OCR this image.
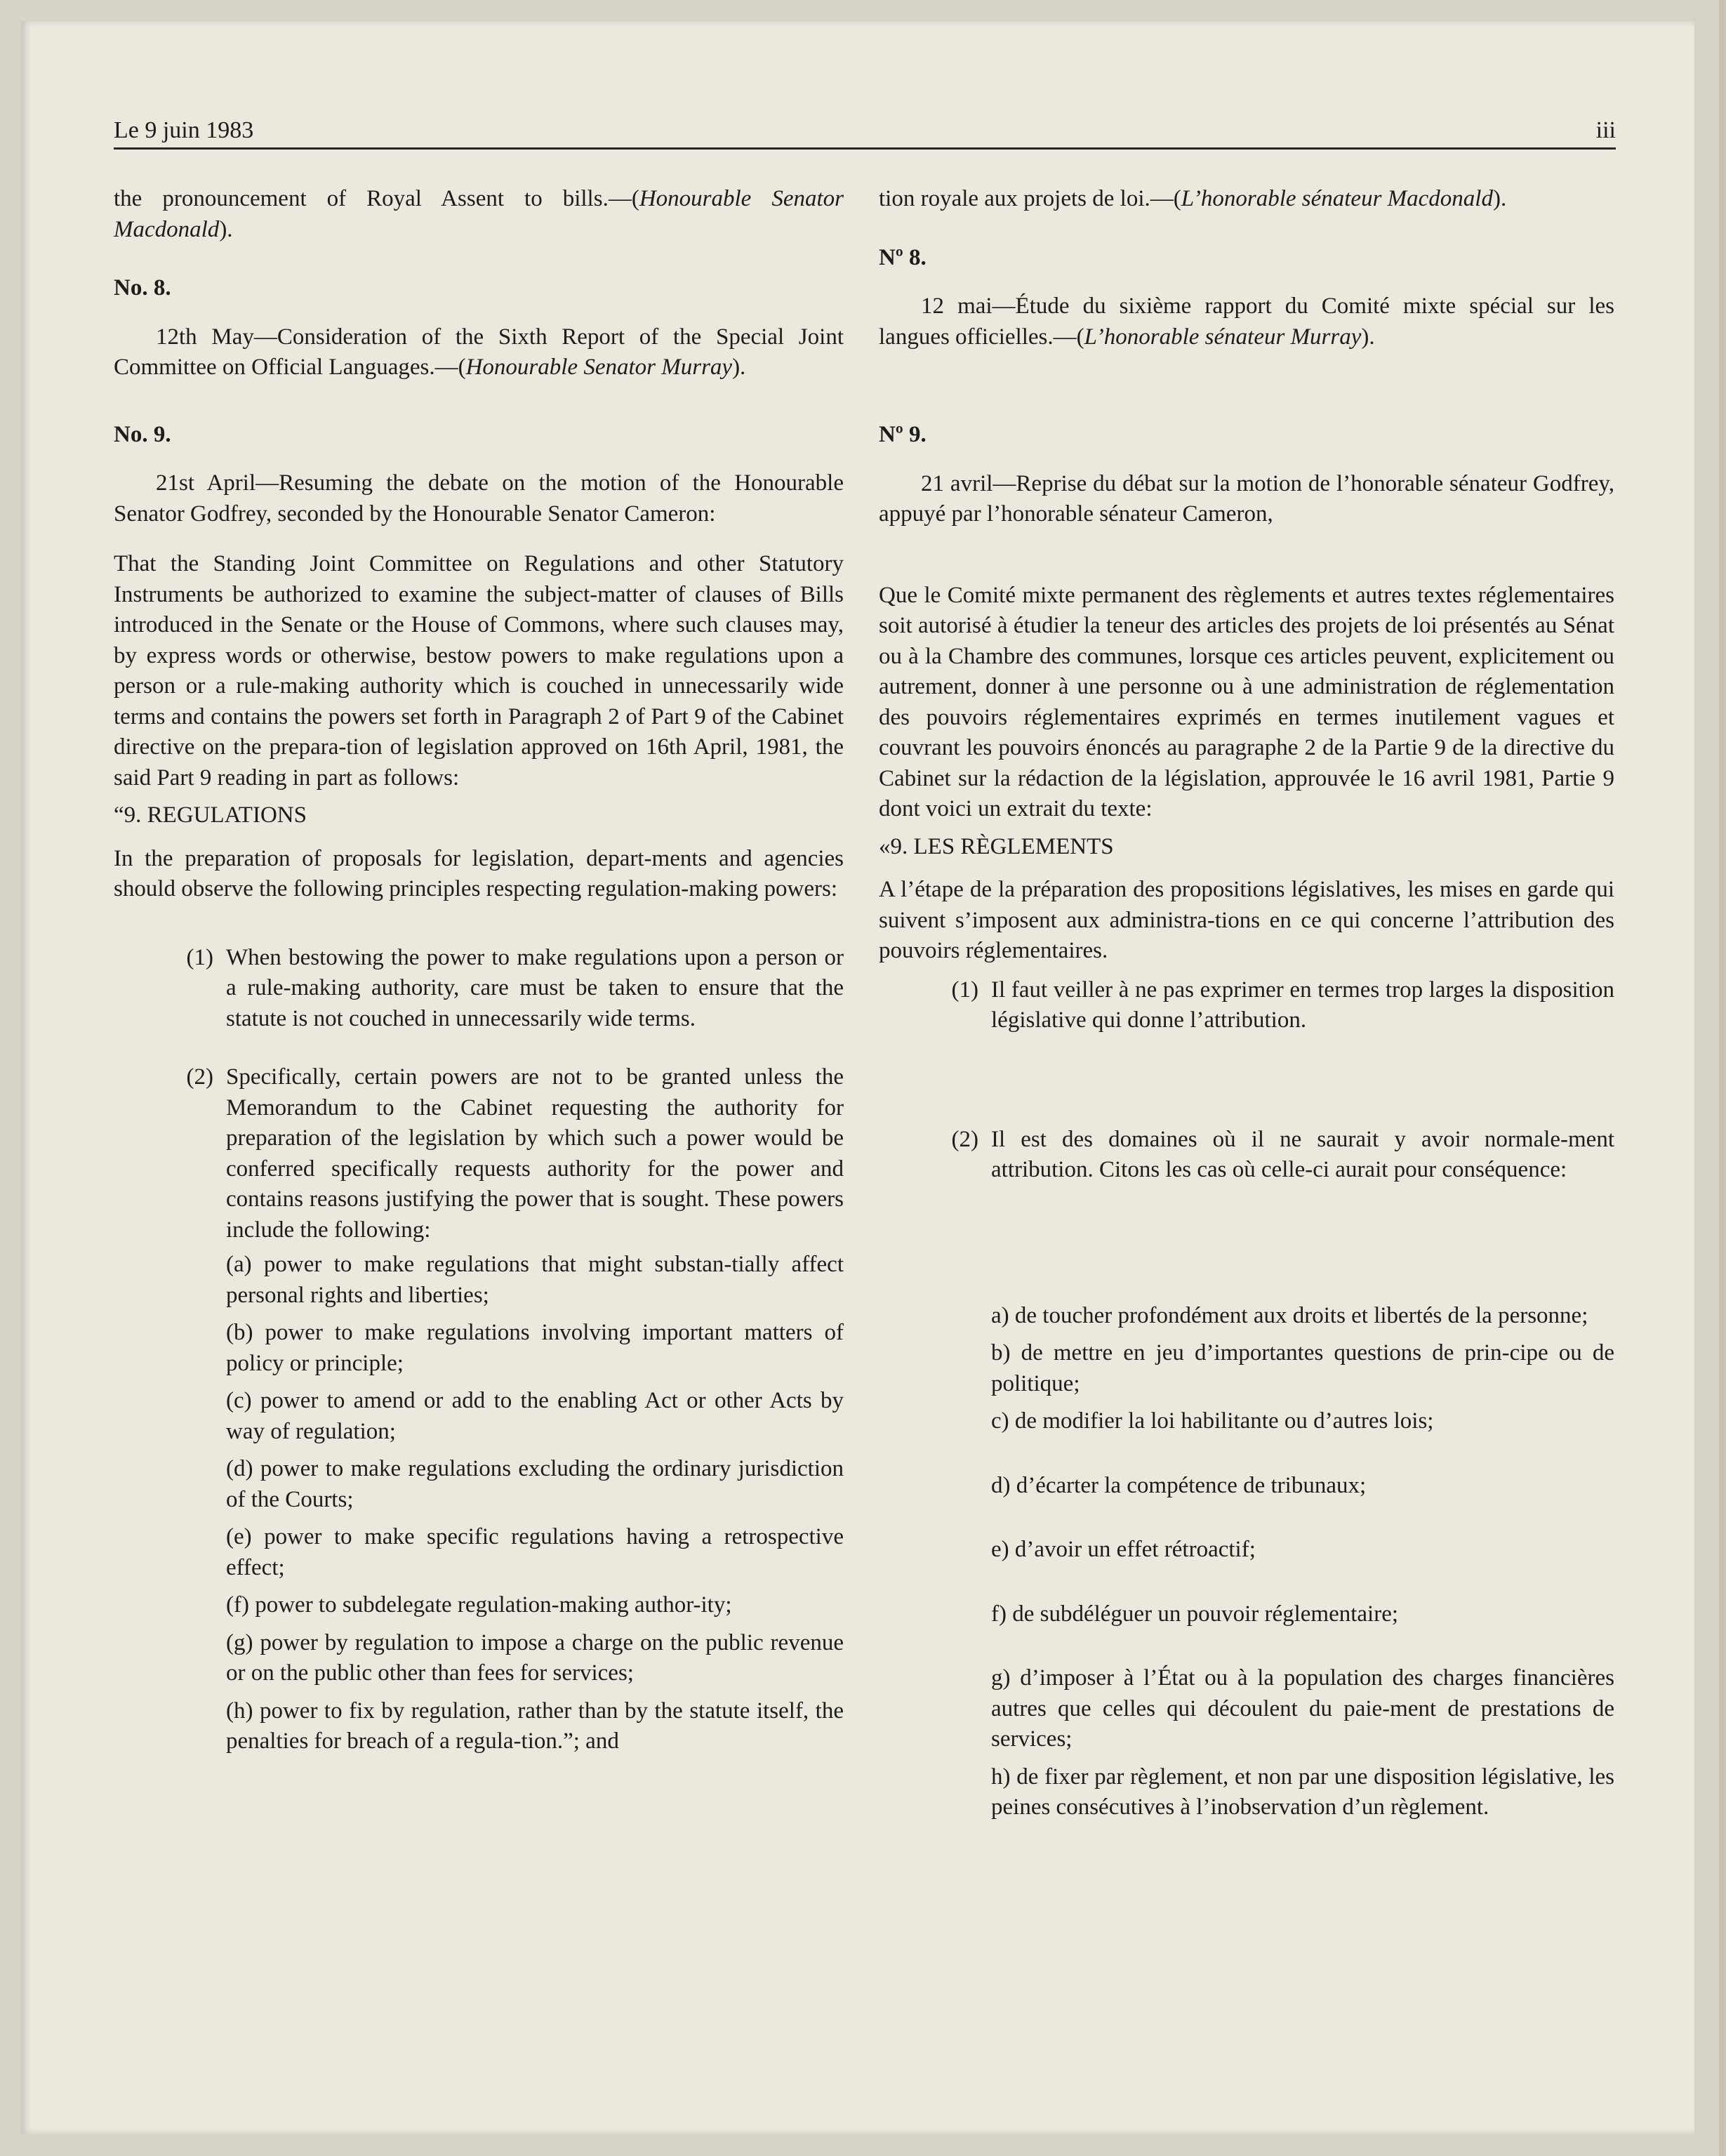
Le 9 juin 1983	iii

the pronouncement of Royal Assent to bills.—(Honourable Senator Macdonald).

No. 8.

12th May—Consideration of the Sixth Report of the Special Joint Committee on Official Languages.—(Honourable Senator Murray).

No. 9.

21st April—Resuming the debate on the motion of the Honourable Senator Godfrey, seconded by the Honourable Senator Cameron:

That the Standing Joint Committee on Regulations and other Statutory Instruments be authorized to examine the subject-matter of clauses of Bills introduced in the Senate or the House of Commons, where such clauses may, by express words or otherwise, bestow powers to make regulations upon a person or a rule-making authority which is couched in unnecessarily wide terms and contains the powers set forth in Paragraph 2 of Part 9 of the Cabinet directive on the prepara-tion of legislation approved on 16th April, 1981, the said Part 9 reading in part as follows:

“9. REGULATIONS

In the preparation of proposals for legislation, depart-ments and agencies should observe the following principles respecting regulation-making powers:

(1) When bestowing the power to make regulations upon a person or a rule-making authority, care must be taken to ensure that the statute is not couched in unnecessarily wide terms.
(2) Specifically, certain powers are not to be granted unless the Memorandum to the Cabinet requesting the authority for preparation of the legislation by which such a power would be conferred specifically requests authority for the power and contains reasons justifying the power that is sought. These powers include the following:

(a) power to make regulations that might substan-tially affect personal rights and liberties;

(b) power to make regulations involving important matters of policy or principle;

(c) power to amend or add to the enabling Act or other Acts by way of regulation;

(d) power to make regulations excluding the ordinary jurisdiction of the Courts;

(e) power to make specific regulations having a retrospective effect;

(f) power to subdelegate regulation-making author-ity;

(g) power by regulation to impose a charge on the public revenue or on the public other than fees for services;

(h) power to fix by regulation, rather than by the statute itself, the penalties for breach of a regula-tion.”; and

tion royale aux projets de loi.—(L’honorable sénateur Macdonald).

Nº 8.

12 mai—Étude du sixième rapport du Comité mixte spécial sur les langues officielles.—(L’honorable sénateur Murray).

Nº 9.

21 avril—Reprise du débat sur la motion de l’honorable sénateur Godfrey, appuyé par l’honorable sénateur Cameron,

Que le Comité mixte permanent des règlements et autres textes réglementaires soit autorisé à étudier la teneur des articles des projets de loi présentés au Sénat ou à la Chambre des communes, lorsque ces articles peuvent, explicitement ou autrement, donner à une personne ou à une administration de réglementation des pouvoirs réglementaires exprimés en termes inutilement vagues et couvrant les pouvoirs énoncés au paragraphe 2 de la Partie 9 de la directive du Cabinet sur la rédaction de la législation, approuvée le 16 avril 1981, Partie 9 dont voici un extrait du texte:

«9. LES RÈGLEMENTS

A l’étape de la préparation des propositions législatives, les mises en garde qui suivent s’imposent aux administra-tions en ce qui concerne l’attribution des pouvoirs réglementaires.

(1) Il faut veiller à ne pas exprimer en termes trop larges la disposition législative qui donne l’attribution.
(2) Il est des domaines où il ne saurait y avoir normale-ment attribution. Citons les cas où celle-ci aurait pour conséquence:

a) de toucher profondément aux droits et libertés de la personne;

b) de mettre en jeu d’importantes questions de prin-cipe ou de politique;

c) de modifier la loi habilitante ou d’autres lois;

d) d’écarter la compétence de tribunaux;

e) d’avoir un effet rétroactif;

f) de subdéléguer un pouvoir réglementaire;

g) d’imposer à l’État ou à la population des charges financières autres que celles qui découlent du paie-ment de prestations de services;

h) de fixer par règlement, et non par une disposition législative, les peines consécutives à l’inobservation d’un règlement.
